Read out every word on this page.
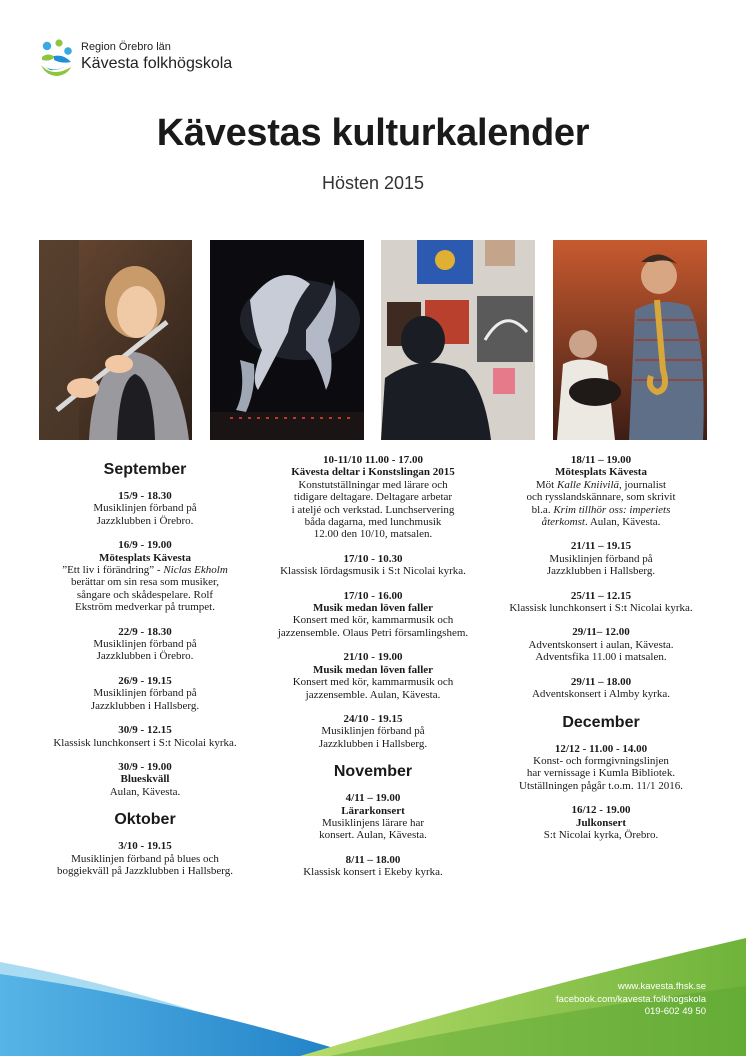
Region Örebro län
Kävesta folkhögskola
Kävestas kulturkalender
Hösten 2015
September
15/9 - 18.30
Musiklinjen förband på
Jazzklubben i Örebro.
16/9 - 19.00
Mötesplats Kävesta
”Ett liv i förändring” - Niclas Ekholm
berättar om sin resa som musiker,
sångare och skådespelare. Rolf
Ekström medverkar på trumpet.
22/9 - 18.30
Musiklinjen förband på
Jazzklubben i Örebro.
26/9 - 19.15
Musiklinjen förband på
Jazzklubben i Hallsberg.
30/9 - 12.15
Klassisk lunchkonsert i S:t Nicolai kyrka.
30/9 - 19.00
Blueskväll
Aulan, Kävesta.
Oktober
3/10 - 19.15
Musiklinjen förband på blues och
boggiekväll på Jazzklubben i Hallsberg.
10-11/10 11.00 - 17.00
Kävesta deltar i Konstslingan 2015
Konstutställningar med lärare och
tidigare deltagare. Deltagare arbetar
i ateljé och verkstad. Lunchservering
båda dagarna, med lunchmusik
12.00 den 10/10, matsalen.
17/10 - 10.30
Klassisk lördagsmusik i S:t Nicolai kyrka.
17/10 - 16.00
Musik medan löven faller
Konsert med kör, kammarmusik och
jazzensemble. Olaus Petri församlingshem.
21/10 - 19.00
Musik medan löven faller
Konsert med kör, kammarmusik och
jazzensemble. Aulan, Kävesta.
24/10 - 19.15
Musiklinjen förband på
Jazzklubben i Hallsberg.
November
4/11 – 19.00
Lärarkonsert
Musiklinjens lärare har
konsert. Aulan, Kävesta.
8/11 – 18.00
Klassisk konsert i Ekeby kyrka.
18/11 – 19.00
Mötesplats Kävesta
Möt Kalle Kniivilä, journalist
och rysslandskännare, som skrivit
bl.a. Krim tillhör oss: imperiets
återkomst. Aulan, Kävesta.
21/11 – 19.15
Musiklinjen förband på
Jazzklubben i Hallsberg.
25/11 – 12.15
Klassisk lunchkonsert i S:t Nicolai kyrka.
29/11– 12.00
Adventskonsert i aulan, Kävesta.
Adventsfika 11.00 i matsalen.
29/11 – 18.00
Adventskonsert i Almby kyrka.
December
12/12 - 11.00 - 14.00
Konst- och formgivningslinjen
har vernissage i Kumla Bibliotek.
Utställningen pågår t.o.m. 11/1 2016.
16/12 - 19.00
Julkonsert
S:t Nicolai kyrka, Örebro.
www.kavesta.fhsk.se
facebook.com/kavesta.folkhogskola
019-602 49 50
